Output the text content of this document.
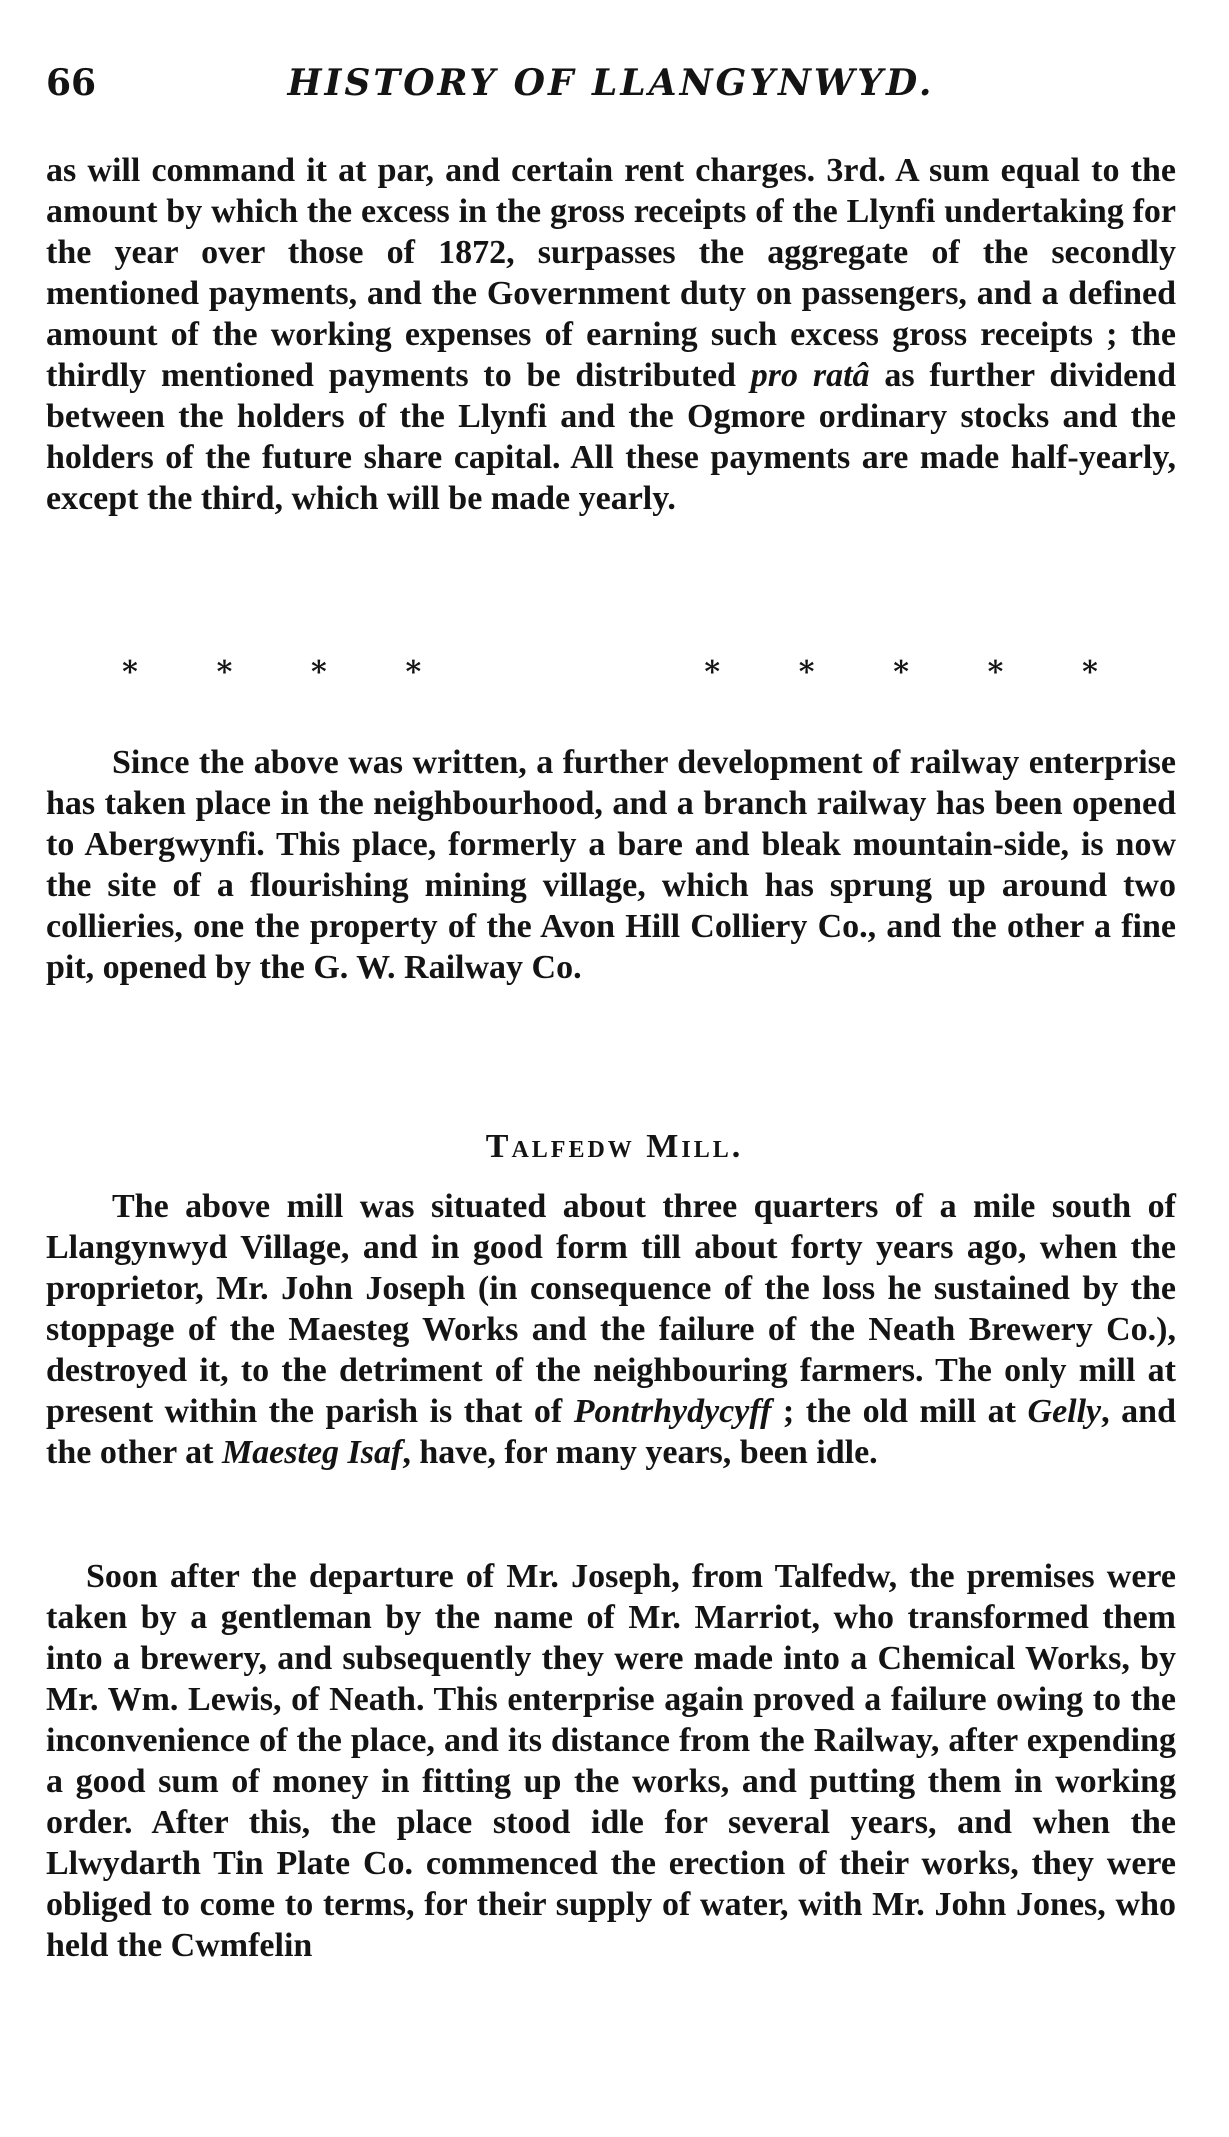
66	HISTORY OF LLANGYNWYD.

as will command it at par, and certain rent charges. 3rd. A sum equal to the amount by which the excess in the gross receipts of the Llynfi undertaking for the year over those of 1872, surpasses the aggregate of the secondly mentioned payments, and the Government duty on passengers, and a defined amount of the working expenses of earning such excess gross receipts ; the thirdly mentioned payments to be distributed pro ratâ as further dividend between the holders of the Llynfi and the Ogmore ordinary stocks and the holders of the future share capital. All these payments are made half-yearly, except the third, which will be made yearly.

*	*	*	*	*	*	*	*	*

Since the above was written, a further development of railway enterprise has taken place in the neighbourhood, and a branch railway has been opened to Abergwynfi. This place, formerly a bare and bleak mountain-side, is now the site of a flourishing mining village, which has sprung up around two collieries, one the property of the Avon Hill Colliery Co., and the other a fine pit, opened by the G. W. Railway Co.

Talfedw Mill.

The above mill was situated about three quarters of a mile south of Llangynwyd Village, and in good form till about forty years ago, when the proprietor, Mr. John Joseph (in consequence of the loss he sustained by the stoppage of the Maesteg Works and the failure of the Neath Brewery Co.), destroyed it, to the detriment of the neighbouring farmers. The only mill at present within the parish is that of Pontrhydycyff ; the old mill at Gelly, and the other at Maesteg Isaf, have, for many years, been idle.

Soon after the departure of Mr. Joseph, from Talfedw, the premises were taken by a gentleman by the name of Mr. Marriot, who transformed them into a brewery, and subsequently they were made into a Chemical Works, by Mr. Wm. Lewis, of Neath. This enterprise again proved a failure owing to the inconvenience of the place, and its distance from the Railway, after expending a good sum of money in fitting up the works, and putting them in working order. After this, the place stood idle for several years, and when the Llwydarth Tin Plate Co. commenced the erection of their works, they were obliged to come to terms, for their supply of water, with Mr. John Jones, who held the Cwmfelin
